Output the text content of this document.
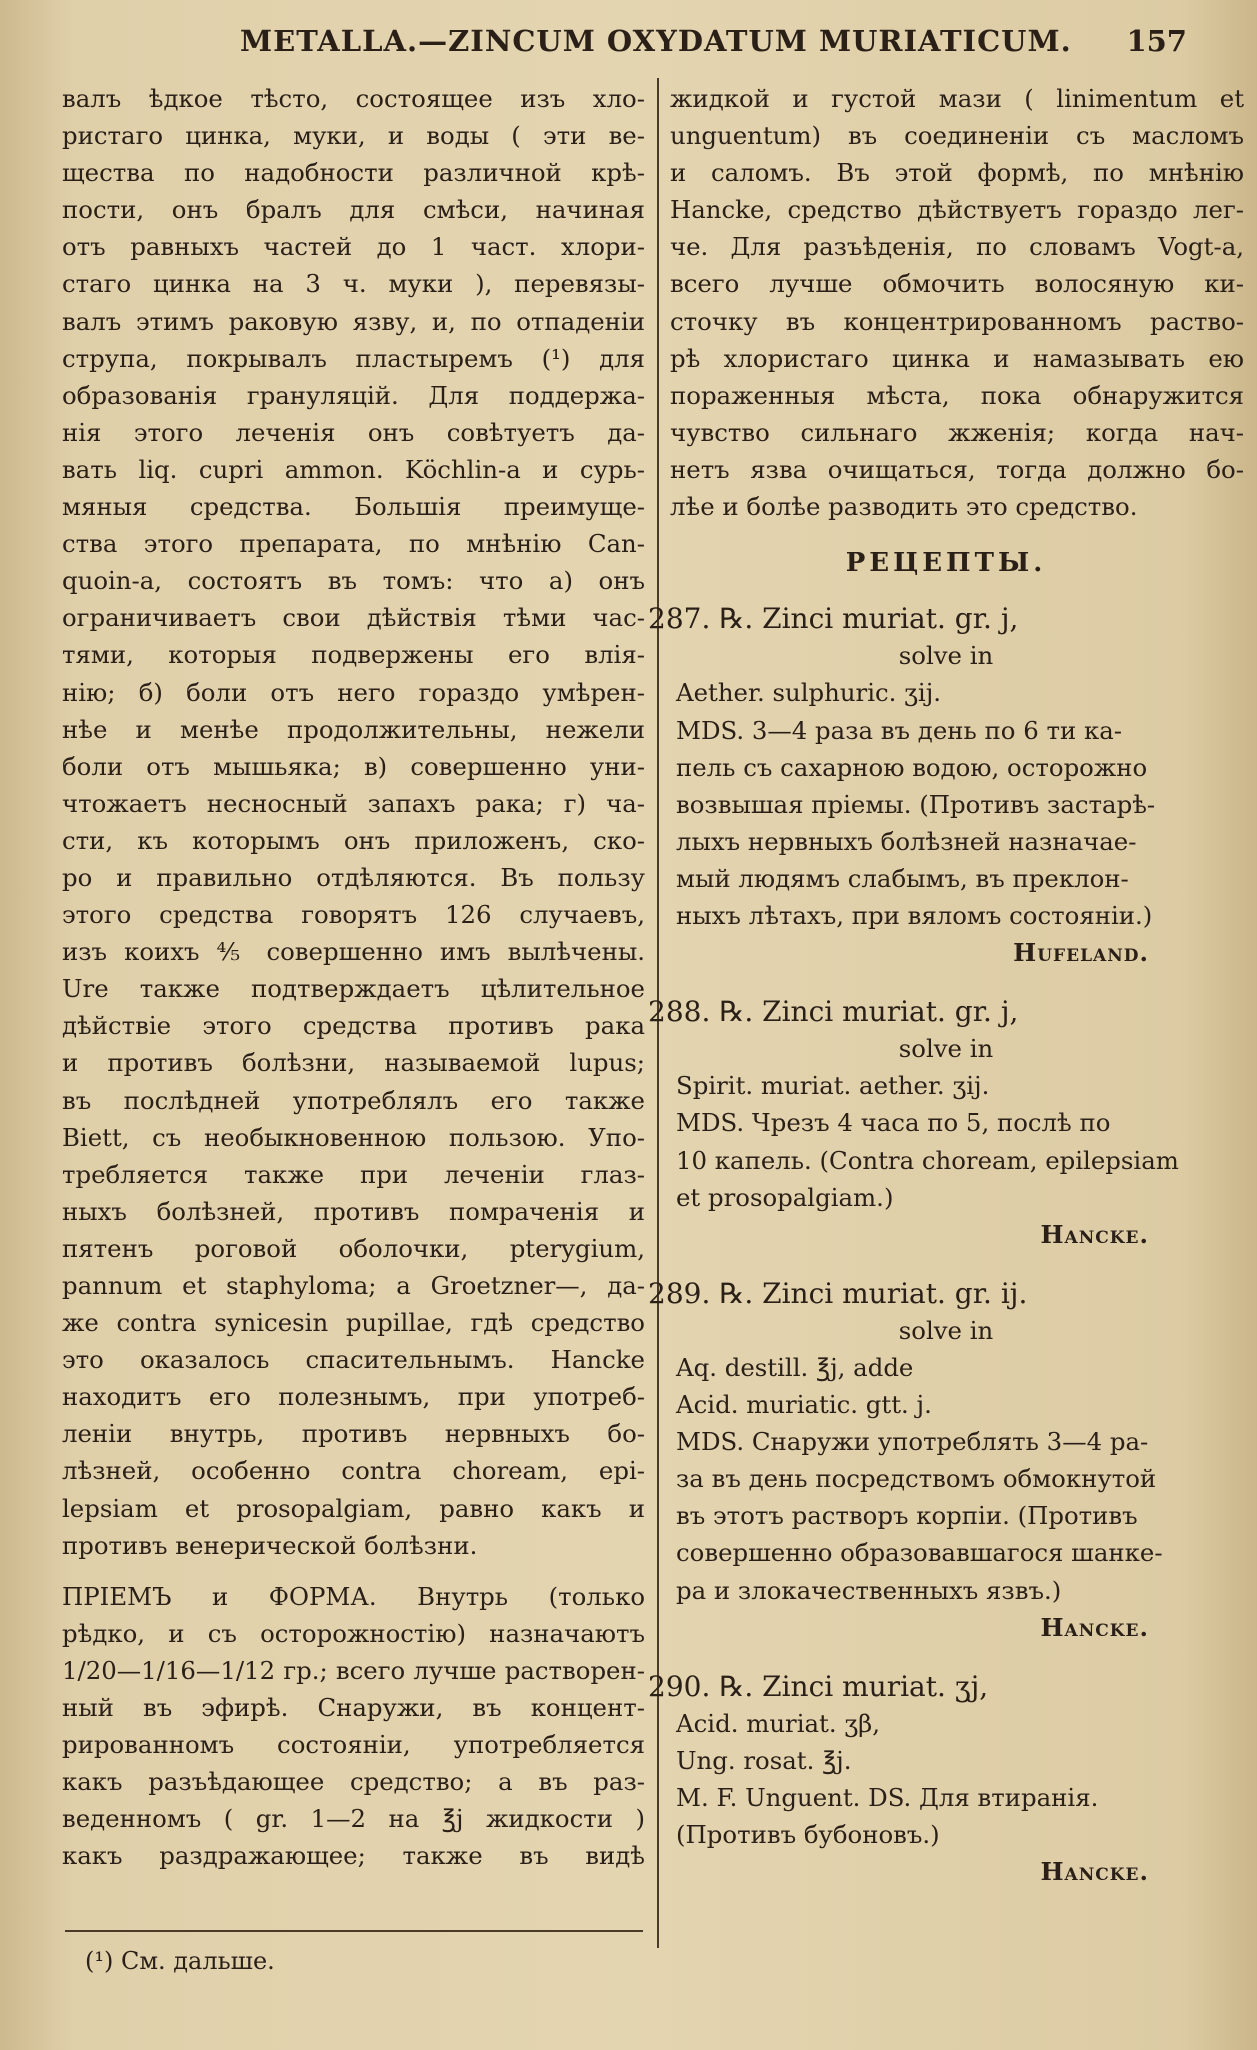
METALLA.—ZINCUM OXYDATUM MURIATICUM. 157
валъ ѣдкое тѣсто, состоящее изъ хло-
ристаго цинка, муки, и воды ( эти ве-
щества по надобности различной крѣ-
пости, онъ бралъ для смѣси, начиная
отъ равныхъ частей до 1 част. хлори-
стаго цинка на 3 ч. муки ), перевязы-
валъ этимъ раковую язву, и, по отпаденіи
струпа, покрывалъ пластыремъ (¹) для
образованія грануляцій. Для поддержа-
нія этого леченія онъ совѣтуетъ да-
вать liq. cupri ammon. Köchlin-а и сурь-
мяныя средства. Большія преимуще-
ства этого препарата, по мнѣнію Can-
quoin-а, состоятъ въ томъ: что а) онъ
ограничиваетъ свои дѣйствія тѣми час-
тями, которыя подвержены его влія-
нію; б) боли отъ него гораздо умѣрен-
нѣе и менѣе продолжительны, нежели
боли отъ мышьяка; в) совершенно уни-
чтожаетъ несносный запахъ рака; г) ча-
сти, къ которымъ онъ приложенъ, ско-
ро и правильно отдѣляются. Въ пользу
этого средства говорятъ 126 случаевъ,
изъ коихъ ⅘ совершенно имъ вылѣчены.
Ure также подтверждаетъ цѣлительное
дѣйствіе этого средства противъ рака
и противъ болѣзни, называемой lupus;
въ послѣдней употреблялъ его также
Biett, съ необыкновенною пользою. Упо-
требляется также при леченіи глаз-
ныхъ болѣзней, противъ помраченія и
пятенъ роговой оболочки, pterygium,
pannum et staphyloma; а Groetzner—, да-
же contra synicesin pupillae, гдѣ средство
это оказалось спасительнымъ. Hancke
находитъ его полезнымъ, при употреб-
леніи внутрь, противъ нервныхъ бо-
лѣзней, особенно contra choream, epi-
lepsiam et prosopalgiam, равно какъ и
противъ венерической болѣзни.
ПРІЕМЪ и ФОРМА. Внутрь (только
рѣдко, и съ осторожностію) назначаютъ
1/20—1/16—1/12 гр.; всего лучше растворен-
ный въ эфирѣ. Снаружи, въ концент-
рированномъ состояніи, употребляется
какъ разъѣдающее средство; а въ раз-
веденномъ ( gr. 1—2 на ℥j жидкости )
какъ раздражающее; также въ видѣ
жидкой и густой мази ( linimentum et
unguentum) въ соединеніи съ масломъ
и саломъ. Въ этой формѣ, по мнѣнію
Hancke, средство дѣйствуетъ гораздо лег-
че. Для разъѣденія, по словамъ Vogt-а,
всего лучше обмочить волосяную ки-
сточку въ концентрированномъ раство-
рѣ хлористаго цинка и намазывать ею
пораженныя мѣста, пока обнаружится
чувство сильнаго жженія; когда нач-
нетъ язва очищаться, тогда должно бо-
лѣе и болѣе разводить это средство.
РЕЦЕПТЫ.
287. ℞. Zinci muriat. gr. j,
solve in
Aether. sulphuric. ʒij.
MDS. 3—4 раза въ день по 6 ти ка-
пель съ сахарною водою, осторожно
возвышая пріемы. (Противъ застарѣ-
лыхъ нервныхъ болѣзней назначае-
мый людямъ слабымъ, въ преклон-
ныхъ лѣтахъ, при вяломъ состояніи.)
Hufeland.
288. ℞. Zinci muriat. gr. j,
solve in
Spirit. muriat. aether. ʒij.
MDS. Чрезъ 4 часа по 5, послѣ по
10 капель. (Contra choream, epilepsiam
et prosopalgiam.)
Hancke.
289. ℞. Zinci muriat. gr. ij.
solve in
Aq. destill. ℥j, adde
Acid. muriatic. gtt. j.
MDS. Снаружи употреблять 3—4 ра-
за въ день посредствомъ обмокнутой
въ этотъ растворъ корпіи. (Противъ
совершенно образовавшагося шанке-
ра и злокачественныхъ язвъ.)
Hancke.
290. ℞. Zinci muriat. ʒj,
Acid. muriat. ʒβ,
Ung. rosat. ℥j.
M. F. Unguent. DS. Для втиранія.
(Противъ бубоновъ.)
Hancke.
(¹) См. дальше.
